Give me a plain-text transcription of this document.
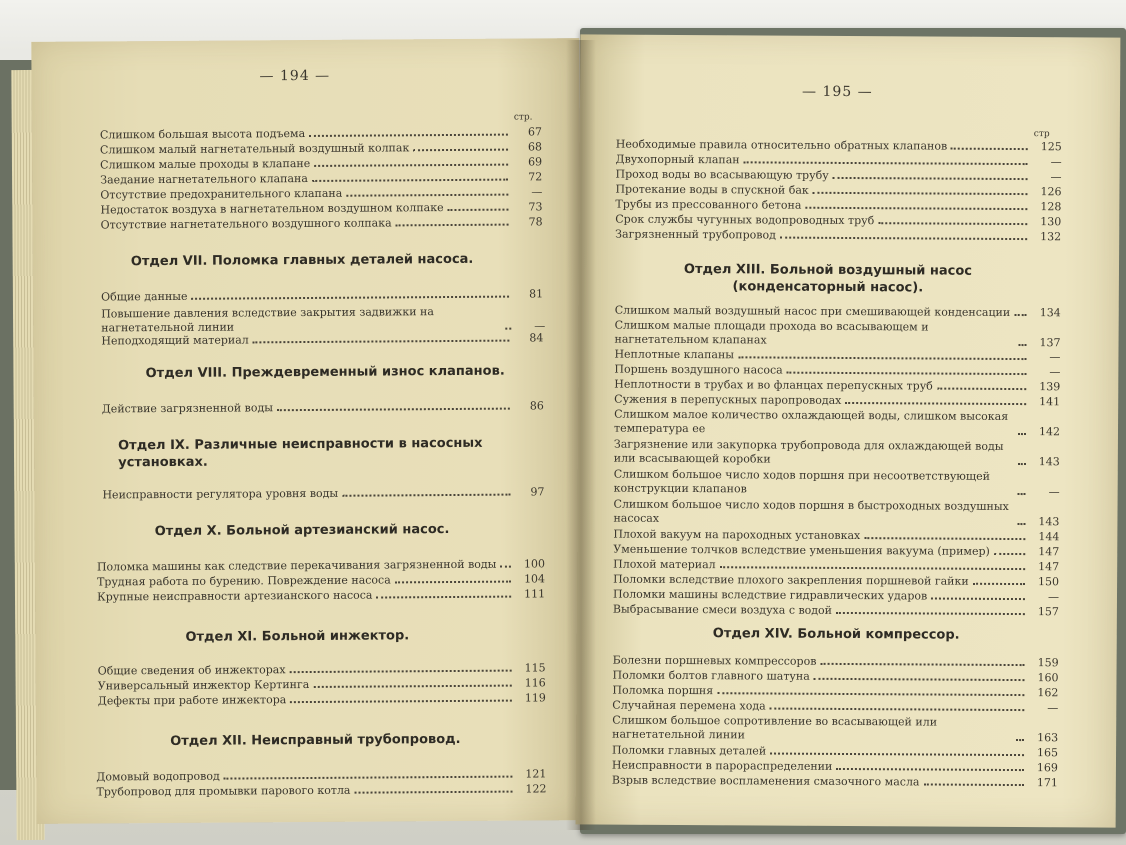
— 194 —
стр.
Слишком большая высота подъема	67
Слишком малый нагнетательный воздушный колпак	68
Слишком малые проходы в клапане	69
Заедание нагнетательного клапана	72
Отсутствие предохранительного клапана	—
Недостаток воздуха в нагнетательном воздушном колпаке	73
Отсутствие нагнетательного воздушного колпака	78
Отдел VII. Поломка главных деталей насоса.
Общие данные	81
Повышение давления вследствие закрытия задвижки на нагнетательной линии	—
Неподходящий материал	84
Отдел VIII. Преждевременный износ клапанов.
Действие загрязненной воды	86
Отдел IX. Различные неисправности в насосных установках.
Неисправности регулятора уровня воды	97
Отдел X. Больной артезианский насос.
Поломка машины как следствие перекачивания загрязненной воды	100
Трудная работа по бурению. Повреждение насоса	104
Крупные неисправности артезианского насоса	111
Отдел XI. Больной инжектор.
Общие сведения об инжекторах	115
Универсальный инжектор Кертинга	116
Дефекты при работе инжектора	119
Отдел XII. Неисправный трубопровод.
Домовый водопровод	121
Трубопровод для промывки парового котла	122
— 195 —
стр
Необходимые правила относительно обратных клапанов	125
Двухопорный клапан	—
Проход воды во всасывающую трубу	—
Протекание воды в спускной бак	126
Трубы из прессованного бетона	128
Срок службы чугунных водопроводных труб	130
Загрязненный трубопровод	132
Отдел XIII. Больной воздушный насос (конденсаторный насос).
Слишком малый воздушный насос при смешивающей конденсации	134
Слишком малые площади прохода во всасывающем и нагнетательном клапанах	137
Неплотные клапаны	—
Поршень воздушного насоса	—
Неплотности в трубах и во фланцах перепускных труб	139
Сужения в перепускных паропроводах	141
Слишком малое количество охлаждающей воды, слишком высокая температура ее	142
Загрязнение или закупорка трубопровода для охлаждающей воды или всасывающей коробки	143
Слишком большое число ходов поршня при несоответствующей конструкции клапанов	—
Слишком большое число ходов поршня в быстроходных воздушных насосах	143
Плохой вакуум на пароходных установках	144
Уменьшение толчков вследствие уменьшения вакуума (пример)	147
Плохой материал	147
Поломки вследствие плохого закрепления поршневой гайки	150
Поломки машины вследствие гидравлических ударов	—
Выбрасывание смеси воздуха с водой	157
Отдел XIV. Больной компрессор.
Болезни поршневых компрессоров	159
Поломки болтов главного шатуна	160
Поломка поршня	162
Случайная перемена хода	—
Слишком большое сопротивление во всасывающей или нагнетательной линии	163
Поломки главных деталей	165
Неисправности в парораспределении	169
Взрыв вследствие воспламенения смазочного масла	171
